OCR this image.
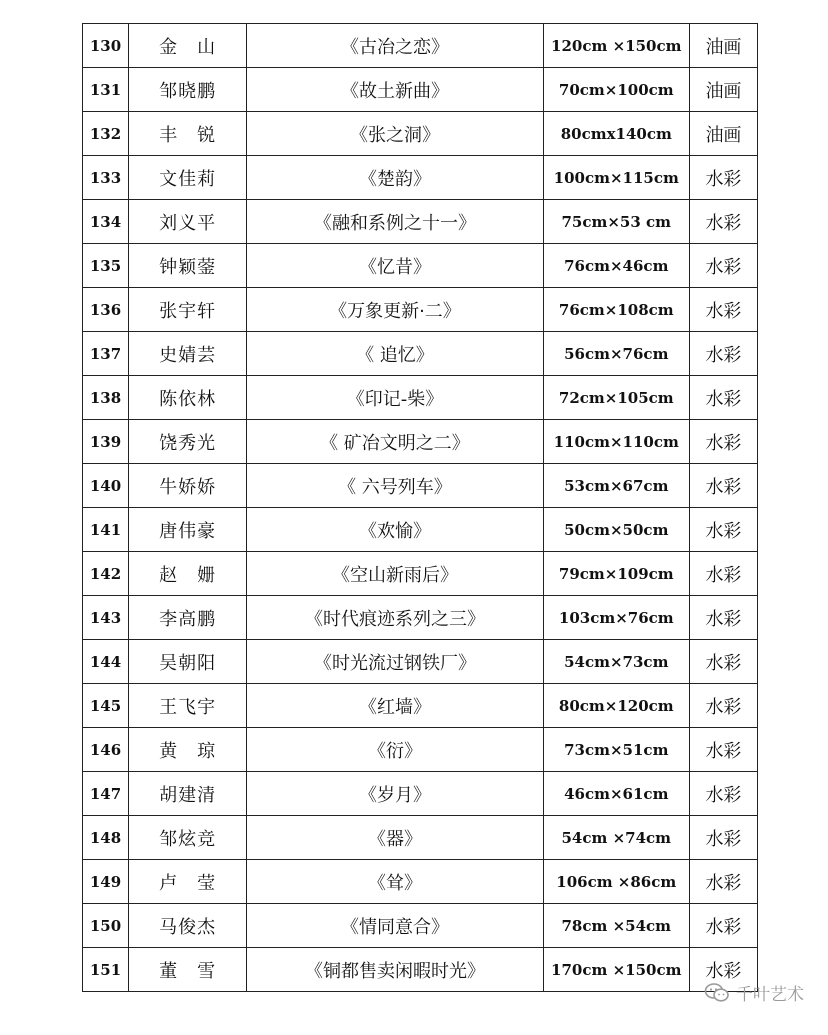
130	金　山	《古冶之恋》	120cm ×150cm	油画
131	邹晓鹏	《故土新曲》	70cm×100cm	油画
132	丰　锐	《张之洞》	80cmx140cm	油画
133	文佳莉	《楚韵》	100cm×115cm	水彩
134	刘义平	《融和系例之十一》	75cm×53 cm	水彩
135	钟颖蓥	《忆昔》	76cm×46cm	水彩
136	张宇轩	《万象更新·二》	76cm×108cm	水彩
137	史婧芸	《 追忆》	56cm×76cm	水彩
138	陈依林	《印记-柴》	72cm×105cm	水彩
139	饶秀光	《 矿冶文明之二》	110cm×110cm	水彩
140	牛娇娇	《 六号列车》	53cm×67cm	水彩
141	唐伟豪	《欢愉》	50cm×50cm	水彩
142	赵　姗	《空山新雨后》	79cm×109cm	水彩
143	李高鹏	《时代痕迹系列之三》	103cm×76cm	水彩
144	吴朝阳	《时光流过钢铁厂》	54cm×73cm	水彩
145	王飞宇	《红墙》	80cm×120cm	水彩
146	黄　琼	《衍》	73cm×51cm	水彩
147	胡建清	《岁月》	46cm×61cm	水彩
148	邹炫竞	《器》	54cm ×74cm	水彩
149	卢　莹	《耸》	106cm ×86cm	水彩
150	马俊杰	《情同意合》	78cm ×54cm	水彩
151	董　雪	《铜都售卖闲暇时光》	170cm ×150cm	水彩
千叶艺术
